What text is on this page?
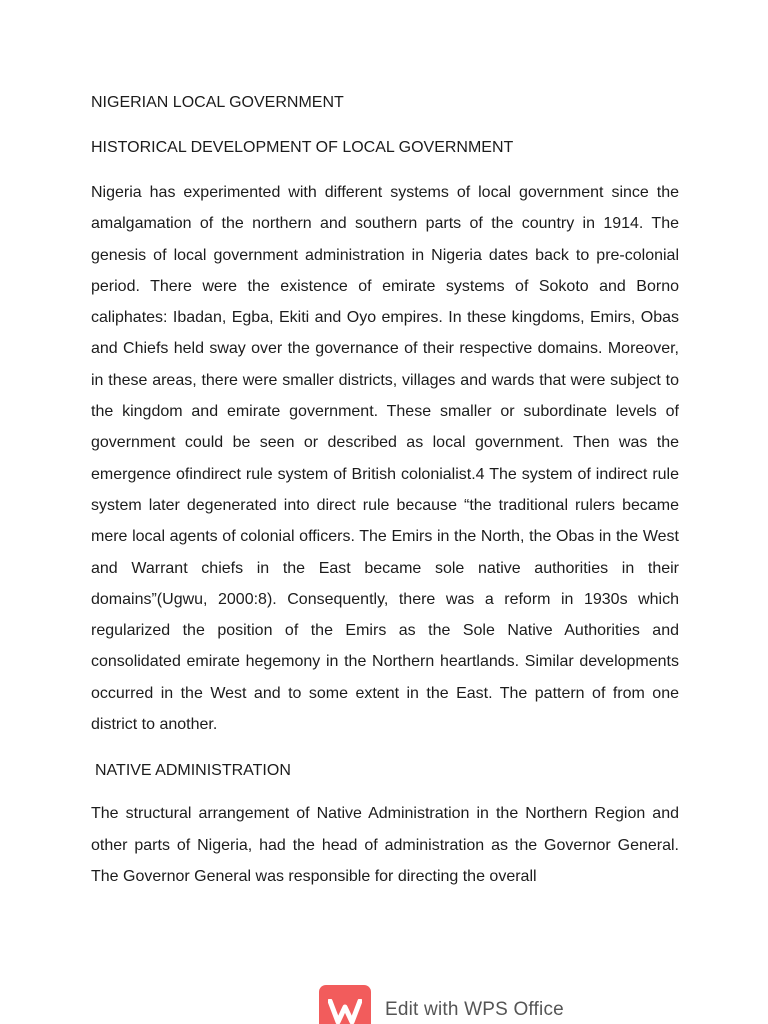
NIGERIAN LOCAL GOVERNMENT

HISTORICAL DEVELOPMENT OF LOCAL GOVERNMENT

Nigeria has experimented with different systems of local government since the amalgamation of the northern and southern parts of the country in 1914. The genesis of local government administration in Nigeria dates back to pre-colonial period. There were the existence of emirate systems of Sokoto and Borno caliphates: Ibadan, Egba, Ekiti and Oyo empires. In these kingdoms, Emirs, Obas and Chiefs held sway over the governance of their respective domains. Moreover, in these areas, there were smaller districts, villages and wards that were subject to the kingdom and emirate government. These smaller or subordinate levels of government could be seen or described as local government. Then was the emergence ofindirect rule system of British colonialist.4 The system of indirect rule system later degenerated into direct rule because “the traditional rulers became mere local agents of colonial officers. The Emirs in the North, the Obas in the West and Warrant chiefs in the East became sole native authorities in their domains”(Ugwu, 2000:8). Consequently, there was a reform in 1930s which regularized the position of the Emirs as the Sole Native Authorities and consolidated emirate hegemony in the Northern heartlands. Similar developments occurred in the West and to some extent in the East. The pattern of from one district to another.

NATIVE ADMINISTRATION

The structural arrangement of Native Administration in the Northern Region and other parts of Nigeria, had the head of administration as the Governor General. The Governor General was responsible for directing the overall

Edit with WPS Office
